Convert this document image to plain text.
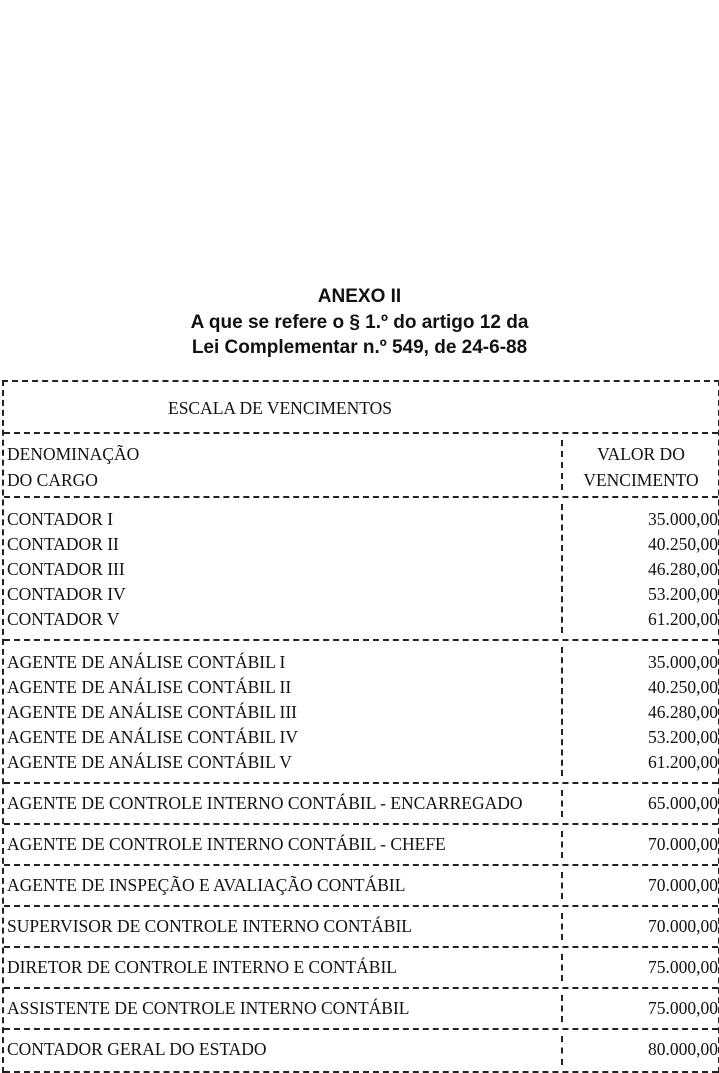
ANEXO II
A que se refere o § 1.º do artigo 12 da
Lei Complementar n.º 549, de 24-6-88
ESCALA DE VENCIMENTOS
DENOMINAÇÃO
DO CARGO
VALOR DO
VENCIMENTO
CONTADOR I	35.000,00
CONTADOR II	40.250,00
CONTADOR III	46.280,00
CONTADOR IV	53.200,00
CONTADOR V	61.200,00
AGENTE DE ANÁLISE CONTÁBIL I	35.000,00
AGENTE DE ANÁLISE CONTÁBIL II	40.250,00
AGENTE DE ANÁLISE CONTÁBIL III	46.280,00
AGENTE DE ANÁLISE CONTÁBIL IV	53.200,00
AGENTE DE ANÁLISE CONTÁBIL V	61.200,00
AGENTE DE CONTROLE INTERNO CONTÁBIL - ENCARREGADO	65.000,00
AGENTE DE CONTROLE INTERNO CONTÁBIL - CHEFE	70.000,00
AGENTE DE INSPEÇÃO E AVALIAÇÃO CONTÁBIL	70.000,00
SUPERVISOR DE CONTROLE INTERNO CONTÁBIL	70.000,00
DIRETOR DE CONTROLE INTERNO E CONTÁBIL	75.000,00
ASSISTENTE DE CONTROLE INTERNO CONTÁBIL	75.000,00
CONTADOR GERAL DO ESTADO	80.000,00
